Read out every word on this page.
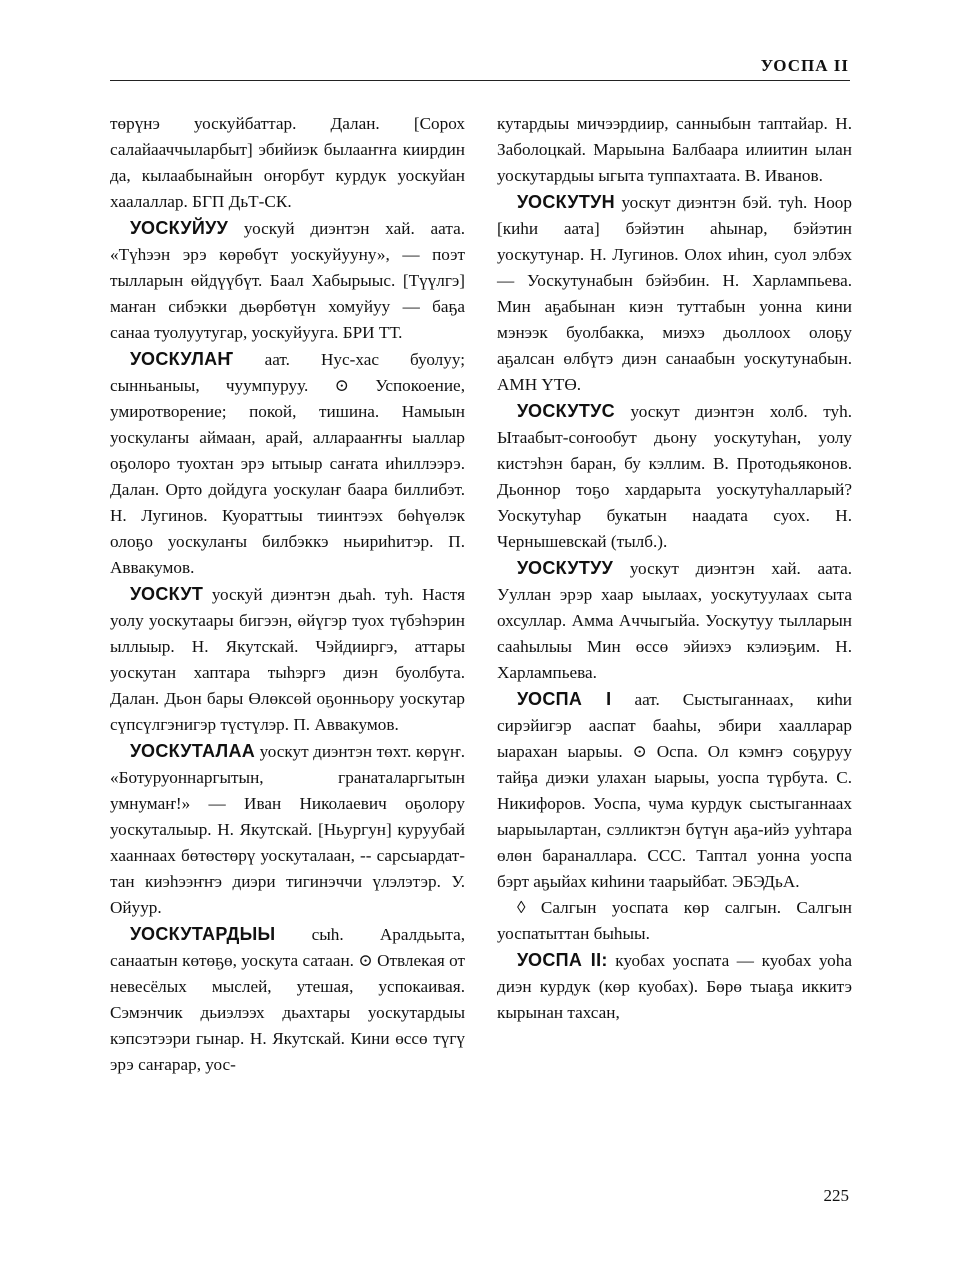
УОСПА II

төрүнэ уоскуйбаттар. Далан. [Сорох салайааччыларбыт] эбийиэк былааҥҥа киирдин да, кылаабынайын оҥорбут курдук уоскуйан хаалаллар. БГП ДьТ-СК.

УОСКУЙУУ уоскуй диэнтэн хай. аата. «Түһээн эрэ көрөбүт уоскуйууну», — поэт тылларын өйдүүбүт. Баал Хабырыыс. [Түүлгэ] маҥан сибэкки дьөрбөтүн хомуйуу — баҕа санаа туолуутугар, уоскуйууга. БРИ ТТ.

УОСКУЛАҤ аат. Нус-хас буолуу; сынньаныы, чуумпуруу. ⊙ Успокоение, умиротворение; покой, тишина. Намыын уоскулаҥы аймаан, арай, алларааҥҥы ыаллар оҕолоро туохтан эрэ ытыыр саҥата иһиллээрэ. Далан. Орто дойдуга уоскулаҥ баара биллибэт. Н. Лугинов. Куораттыы тиинтээх бөһүөлэк олоҕо уоскулаҥы билбэккэ ньириһитэр. П. Аввакумов.

УОСКУТ уоскуй диэнтэн дьаһ. туһ. Настя уолу уоскутаары бигээн, өйүгэр туох түбэһэрин ыллыыр. Н. Якутскай. Чэйдииргэ, аттары уоскутан хаптара тыһэргэ диэн буолбута. Далан. Дьон бары Өлөксөй оҕонньору уоскутар сүпсүлгэнигэр түстүлэр. П. Аввакумов.

УОСКУТАЛАА уоскут диэнтэн төхт. көрүҥ. «Ботуруоннаргытын, гранаталаргытын умнумаҥ!» — Иван Николаевич оҕолору уоскуталыыр. Н. Якутскай. [Ньургун] куруубай хааннаах бөтөстөрү уоскуталаан, -- сарсыардаттан киэһээҥҥэ диэри тигинэччи үлэлэтэр. У. Ойуур.

УОСКУТАРДЫЫ сыһ. Аралдьыта, санаатын көтөҕө, уоскута сатаан. ⊙ Отвлекая от невесёлых мыслей, утешая, успокаивая. Сэмэнчик дьиэлээх дьахтары уоскутардыы кэпсэтээри гынар. Н. Якутскай. Кини өссө түгү эрэ саҥарар, уос-

кутардыы мичээрдиир, санныбын таптайар. Н. Заболоцкай. Марыына Балбаара илиитин ылан уоскутардыы ыгыта туппахтаата. В. Иванов.

УОСКУТУН уоскут диэнтэн бэй. туһ. Ноор [киһи аата] бэйэтин аһынар, бэйэтин уоскутунар. Н. Лугинов. Олох иһин, суол элбэх — Уоскутунабын бэйэбин. Н. Харлампьева. Мин аҕабынан киэн туттабын уонна кини мэнээк буолбакка, миэхэ дьоллоох олоҕу аҕалсан өлбүтэ диэн санаабын уоскутунабын. АМН ҮТӨ.

УОСКУТУС уоскут диэнтэн холб. туһ. Ытаабыт-соҥообут дьону уоскутуһан, уолу кистэһэн баран, бу кэллим. В. Протодьяконов. Дьоннор тоҕо хардарыта уоскутуһалларый? Уоскутуһар букатын наадата суох. Н. Чернышевскай (тылб.).

УОСКУТУУ уоскут диэнтэн хай. аата. Ууллан эрэр хаар ыылаах, уоскутуулаах сыта охсуллар. Амма Аччыгыйа. Уоскутуу тылларын сааһылыы Мин өссө эйиэхэ кэлиэҕим. Н. Харлампьева.

УОСПА I аат. Сыстыганнаах, киһи сирэйигэр ааспат бааһы, эбири хаалларар ыарахан ыарыы. ⊙ Оспа. Ол кэмҥэ соҕуруу тайҕа диэки улахан ыарыы, уоспа түрбута. С. Никифоров. Уоспа, чума курдук сыстыганнаах ыарыылартан, сэлликтэн бүтүн аҕа-ийэ ууһтара өлөн бараналлара. ССС. Таптал уонна уоспа бэрт аҕыйах киһини таарыйбат. ЭБЭДьА.

◊ Салгын уоспата көр салгын. Салгын уоспатыттан быһыы.

УОСПА II: куобах уоспата — куобах уоһа диэн курдук (көр куобах). Бөрө тыаҕа иккитэ кырынан тахсан,

225
